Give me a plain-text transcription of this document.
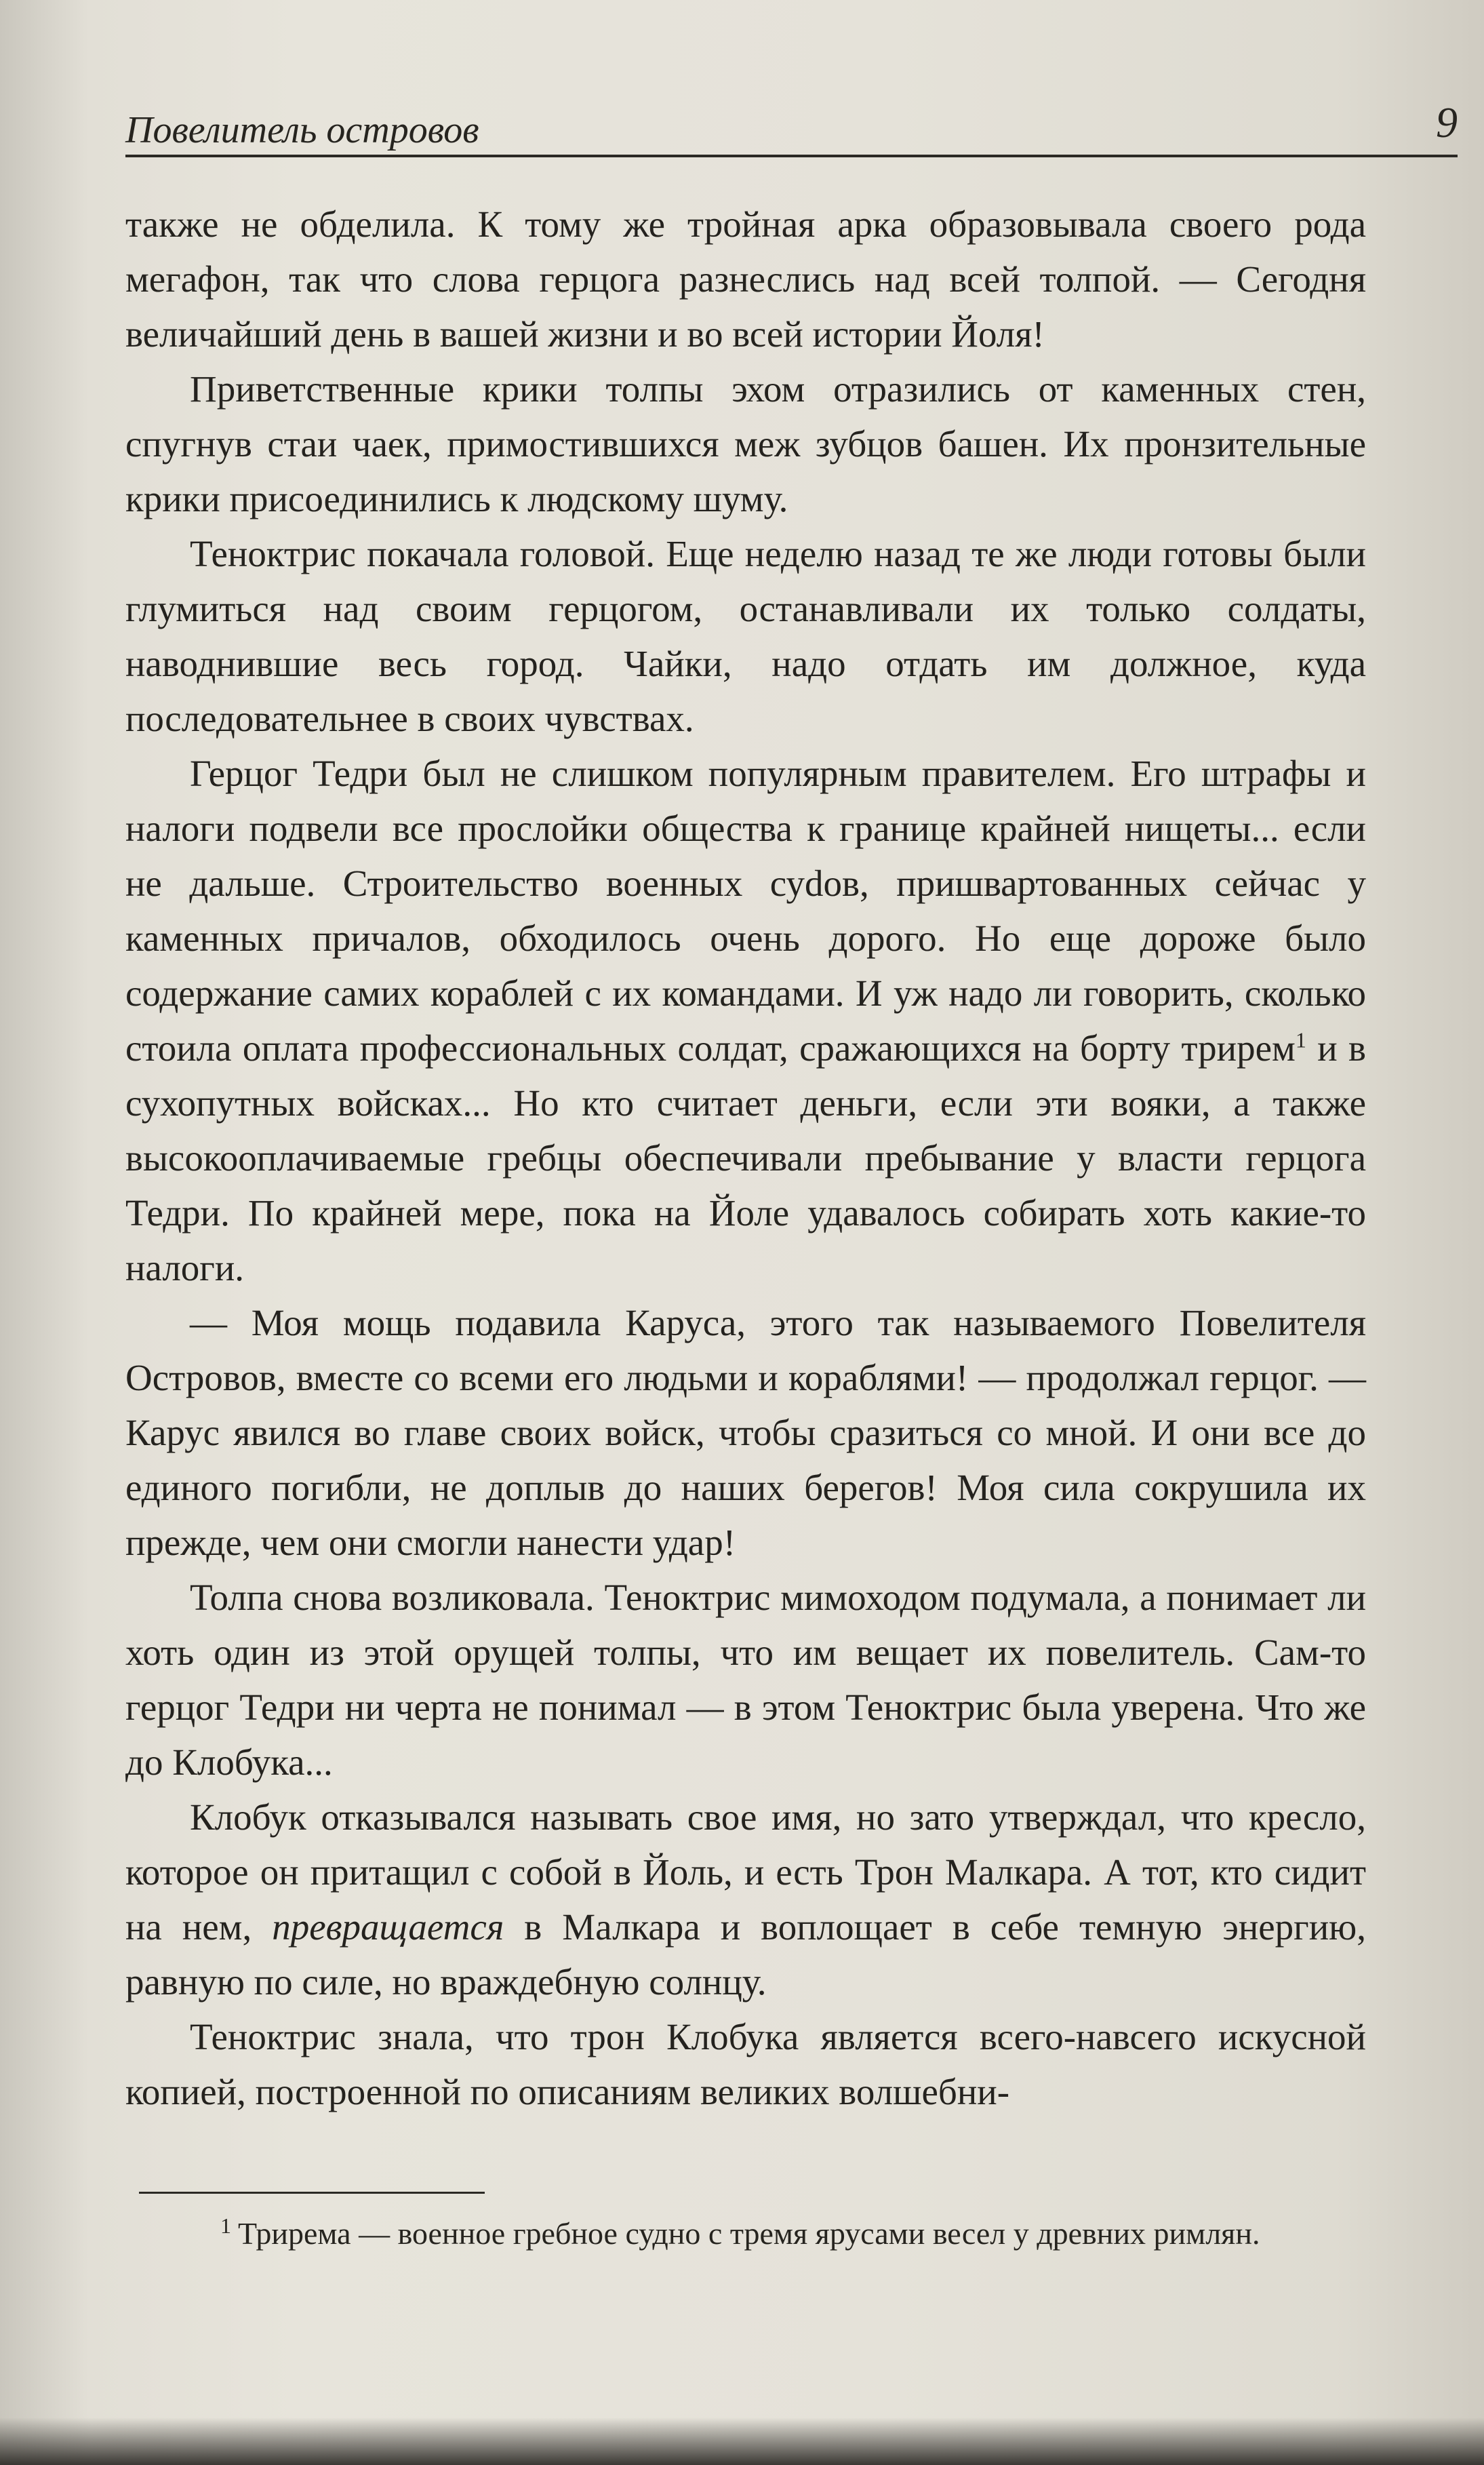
Повелитель островов	9

также не обделила. К тому же тройная арка образовывала своего рода мегафон, так что слова герцога разнеслись над всей толпой. — Сегодня величайший день в вашей жизни и во всей истории Йоля!

Приветственные крики толпы эхом отразились от каменных стен, спугнув стаи чаек, примостившихся меж зубцов башен. Их пронзительные крики присоединились к людскому шуму.

Теноктрис покачала головой. Еще неделю назад те же люди готовы были глумиться над своим герцогом, останавливали их только солдаты, наводнившие весь город. Чайки, надо отдать им должное, куда последовательнее в своих чувствах.

Герцог Тедри был не слишком популярным правителем. Его штрафы и налоги подвели все прослойки общества к границе крайней нищеты... если не дальше. Строительство военных суdов, пришвартованных сейчас у каменных причалов, обходилось очень дорого. Но еще дороже было содержание самих кораблей с их командами. И уж надо ли говорить, сколько стоила оплата профессиональных солдат, сражающихся на борту трирем$^1$ и в сухопутных войсках... Но кто считает деньги, если эти вояки, а также высокооплачиваемые гребцы обеспечивали пребывание у власти герцога Тедри. По крайней мере, пока на Йоле удавалось собирать хоть какие-то налоги.

— Моя мощь подавила Каруса, этого так называемого Повелителя Островов, вместе со всеми его людьми и кораблями! — продолжал герцог. — Карус явился во главе своих войск, чтобы сразиться со мной. И они все до единого погибли, не доплыв до наших берегов! Моя сила сокрушила их прежде, чем они смогли нанести удар!

Толпа снова возликовала. Теноктрис мимоходом подумала, а понимает ли хоть один из этой орущей толпы, что им вещает их повелитель. Сам-то герцог Тедри ни черта не понимал — в этом Теноктрис была уверена. Что же до Клобука...

Клобук отказывался называть свое имя, но зато утверждал, что кресло, которое он притащил с собой в Йоль, и есть Трон Малкара. А тот, кто сидит на нем, превращается в Малкара и воплощает в себе темную энергию, равную по силе, но враждебную солнцу.

Теноктрис знала, что трон Клобука является всего-навсего искусной копией, построенной по описаниям великих волшебни-

$^1$ Трирема — военное гребное судно с тремя ярусами весел у древних римлян.
